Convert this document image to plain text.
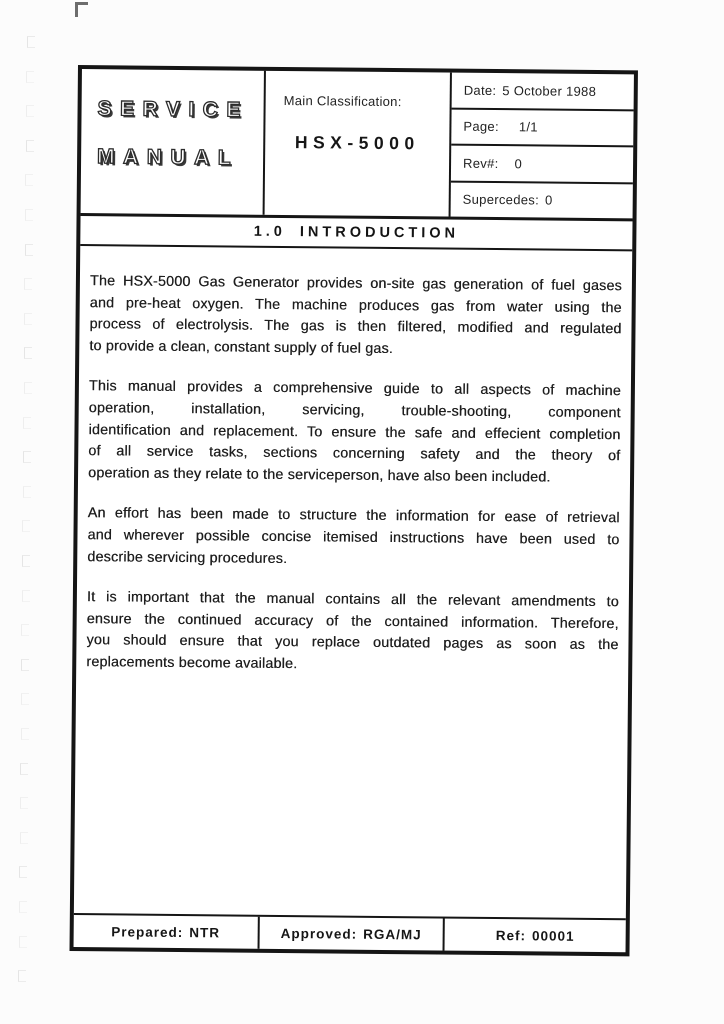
SERVICE
MANUAL
Main Classification:
HSX-5000
Date: 5 October 1988
Page: 1/1
Rev#: 0
Supercedes: 0
1.0 INTRODUCTION
The HSX-5000 Gas Generator provides on-site gas generation of fuel gases
and pre-heat oxygen. The machine produces gas from water using the
process of electrolysis. The gas is then filtered, modified and regulated
to provide a clean, constant supply of fuel gas.
This manual provides a comprehensive guide to all aspects of machine
operation, installation, servicing, trouble-shooting, component
identification and replacement. To ensure the safe and effecient completion
of all service tasks, sections concerning safety and the theory of
operation as they relate to the serviceperson, have also been included.
An effort has been made to structure the information for ease of retrieval
and wherever possible concise itemised instructions have been used to
describe servicing procedures.
It is important that the manual contains all the relevant amendments to
ensure the continued accuracy of the contained information. Therefore,
you should ensure that you replace outdated pages as soon as the
replacements become available.
Prepared: NTR	Approved: RGA/MJ	Ref: 00001
